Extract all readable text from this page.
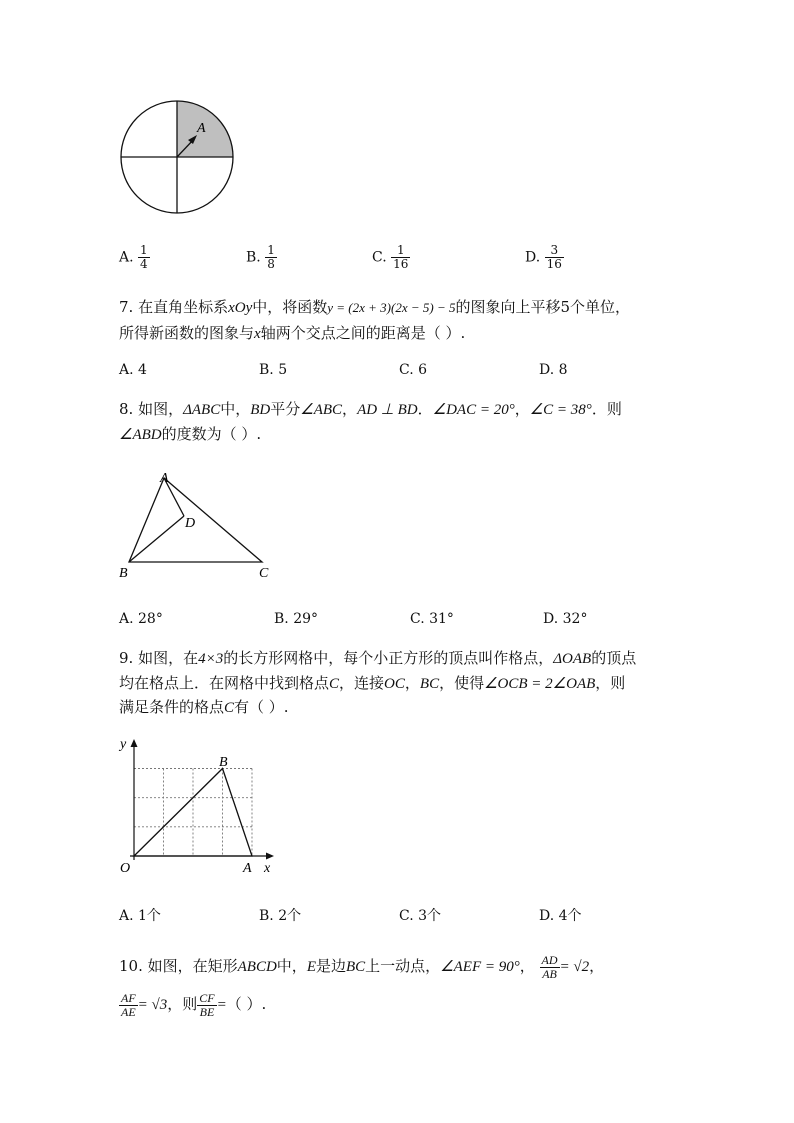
A
A. $\frac{1}{4}$	B. $\frac{1}{8}$	C. $\frac{1}{16}$	D. $\frac{3}{16}$
7. 在直角坐标系xOy中，将函数y = (2x + 3)(2x − 5) − 5的图象向上平移5个单位，
所得新函数的图象与x轴两个交点之间的距离是（ ）.
A. 4	B. 5	C. 6	D. 8
8. 如图，ΔABC中，BD平分∠ABC，AD ⊥ BD．∠DAC = 20°，∠C = 38°．则
∠ABD的度数为（ ）.
A
D
B	C
A. 28°	B. 29°	C. 31°	D. 32°
9. 如图，在4×3的长方形网格中，每个小正方形的顶点叫作格点，ΔOAB的顶点
均在格点上．在网格中找到格点C，连接OC，BC，使得∠OCB = 2∠OAB，则
满足条件的格点C有（ ）.
y
x
O	A
B
A. 1个	B. 2个	C. 3个	D. 4个
10. 如图，在矩形ABCD中，E是边BC上一动点，∠AEF = 90°， $\frac{AD}{AB} = √2$，
$\frac{AF}{AE} = √3$，则 $\frac{CF}{BE}$ =（ ）.
